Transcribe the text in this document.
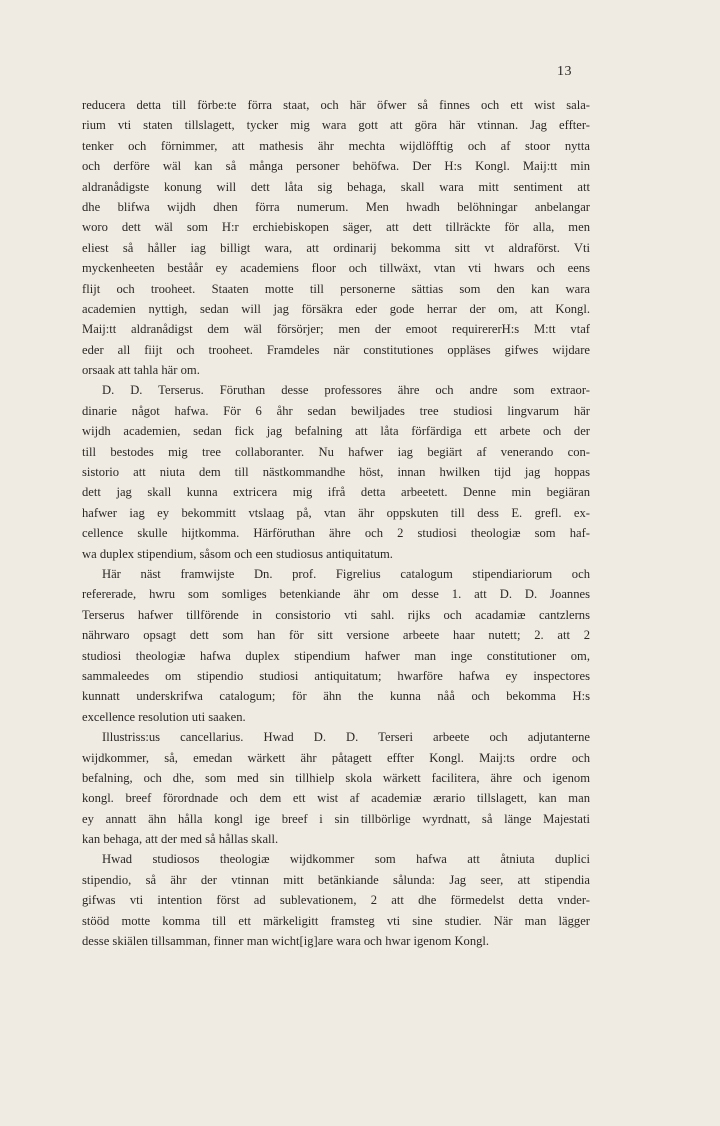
13
reducera detta till förbe:te förra staat, och här öfwer så finnes och ett wist sala-
rium vti staten tillslagett, tycker mig wara gott att göra här vtinnan. Jag effter-
tenker och förnimmer, att mathesis ähr mechta wijdlöfftig och af stoor nytta
och derföre wäl kan så många personer behöfwa. Der H:s Kongl. Maij:tt min
aldranådigste konung will dett låta sig behaga, skall wara mitt sentiment att
dhe blifwa wijdh dhen förra numerum. Men hwadh belöhningar anbelangar
woro dett wäl som H:r erchiebiskopen säger, att dett tillräckte för alla, men
eliest så håller iag billigt wara, att ordinarij bekomma sitt vt aldraförst. Vti
myckenheeten beståår ey academiens floor och tillwäxt, vtan vti hwars och eens
flijt och trooheet. Staaten motte till personerne sättias som den kan wara
academien nyttigh, sedan will jag försäkra eder gode herrar der om, att Kongl.
Maij:tt aldranådigst dem wäl försörjer; men der emoot requirererH:s M:tt vtaf
eder all fiijt och trooheet. Framdeles när constitutiones oppläses gifwes wijdare
orsaak att tahla här om.
D. D. Terserus. Föruthan desse professores ähre och andre som extraor-
dinarie något hafwa. För 6 åhr sedan bewiljades tree studiosi lingvarum här
wijdh academien, sedan fick jag befalning att låta förfärdiga ett arbete och der
till bestodes mig tree collaboranter. Nu hafwer iag begiärt af venerando con-
sistorio att niuta dem till nästkommandhe höst, innan hwilken tijd jag hoppas
dett jag skall kunna extricera mig ifrå detta arbeetett. Denne min begiäran
hafwer iag ey bekommitt vtslaag på, vtan ähr oppskuten till dess E. grefl. ex-
cellence skulle hijtkomma. Härföruthan ähre och 2 studiosi theologiæ som haf-
wa duplex stipendium, såsom och een studiosus antiquitatum.
Här näst framwijste Dn. prof. Figrelius catalogum stipendiariorum och
refererade, hwru som somliges betenkiande ähr om desse 1. att D. D. Joannes
Terserus hafwer tillförende in consistorio vti sahl. rijks och acadamiæ cantzlerns
nährwaro opsagt dett som han för sitt versione arbeete haar nutett; 2. att 2
studiosi theologiæ hafwa duplex stipendium hafwer man inge constitutioner om,
sammaleedes om stipendio studiosi antiquitatum; hwarföre hafwa ey inspectores
kunnatt underskrifwa catalogum; för ähn the kunna nåå och bekomma H:s
excellence resolution uti saaken.
Illustriss:us cancellarius. Hwad D. D. Terseri arbeete och adjutanterne
wijdkommer, så, emedan wärkett ähr påtagett effter Kongl. Maij:ts ordre och
befalning, och dhe, som med sin tillhielp skola wärkett facilitera, ähre och igenom
kongl. breef förordnade och dem ett wist af academiæ ærario tillslagett, kan man
ey annatt ähn hålla kongl ige breef i sin tillbörlige wyrdnatt, så länge Majestati
kan behaga, att der med så hållas skall.
Hwad studiosos theologiæ wijdkommer som hafwa att åtniuta duplici
stipendio, så ähr der vtinnan mitt betänkiande sålunda: Jag seer, att stipendia
gifwas vti intention först ad sublevationem, 2 att dhe förmedelst detta vnder-
stööd motte komma till ett märkeligitt framsteg vti sine studier. När man lägger
desse skiälen tillsamman, finner man wicht[ig]are wara och hwar igenom Kongl.
